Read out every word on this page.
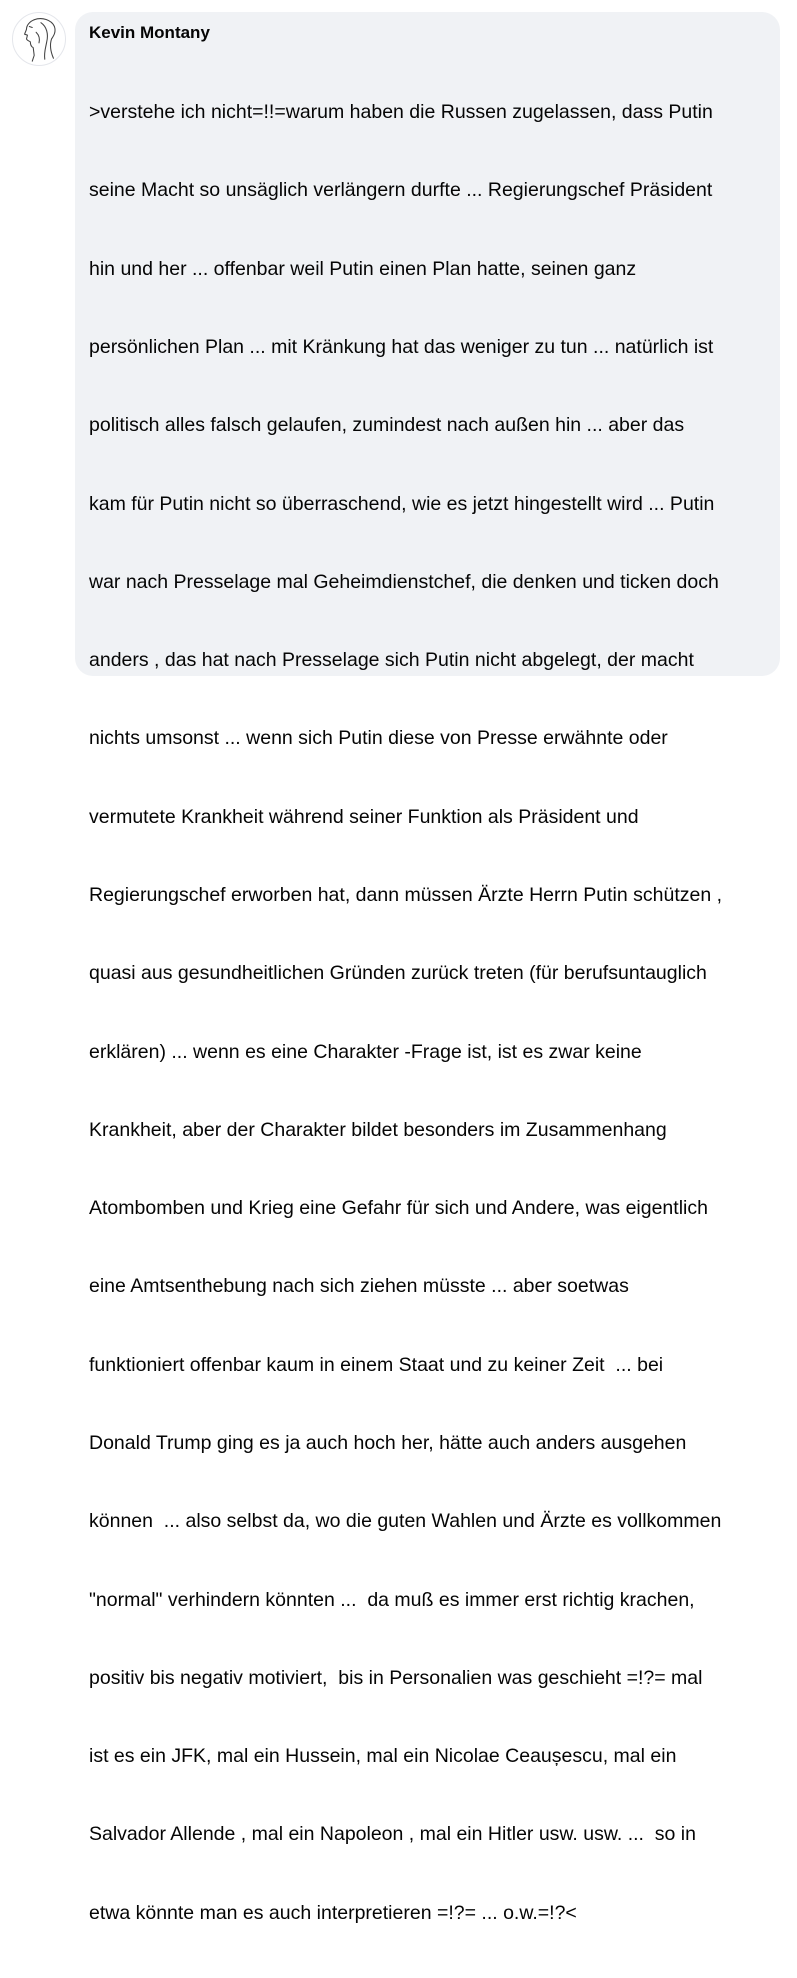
Kevin Montany

>verstehe ich nicht=!!=warum haben die Russen zugelassen, dass Putin

seine Macht so unsäglich verlängern durfte ... Regierungschef Präsident

hin und her ... offenbar weil Putin einen Plan hatte, seinen ganz

persönlichen Plan ... mit Kränkung hat das weniger zu tun ... natürlich ist

politisch alles falsch gelaufen, zumindest nach außen hin ... aber das

kam für Putin nicht so überraschend, wie es jetzt hingestellt wird ... Putin

war nach Presselage mal Geheimdienstchef, die denken und ticken doch

anders , das hat nach Presselage sich Putin nicht abgelegt, der macht

nichts umsonst ... wenn sich Putin diese von Presse erwähnte oder

vermutete Krankheit während seiner Funktion als Präsident und

Regierungschef erworben hat, dann müssen Ärzte Herrn Putin schützen ,

quasi aus gesundheitlichen Gründen zurück treten (für berufsuntauglich

erklären) ... wenn es eine Charakter -Frage ist, ist es zwar keine

Krankheit, aber der Charakter bildet besonders im Zusammenhang

Atombomben und Krieg eine Gefahr für sich und Andere, was eigentlich

eine Amtsenthebung nach sich ziehen müsste ... aber soetwas

funktioniert offenbar kaum in einem Staat und zu keiner Zeit  ... bei

Donald Trump ging es ja auch hoch her, hätte auch anders ausgehen

können  ... also selbst da, wo die guten Wahlen und Ärzte es vollkommen

"normal" verhindern könnten ...  da muß es immer erst richtig krachen,

positiv bis negativ motiviert,  bis in Personalien was geschieht =!?= mal

ist es ein JFK, mal ein Hussein, mal ein Nicolae Ceaușescu, mal ein

Salvador Allende , mal ein Napoleon , mal ein Hitler usw. usw. ...  so in

etwa könnte man es auch interpretieren =!?= ... o.w.=!?<
